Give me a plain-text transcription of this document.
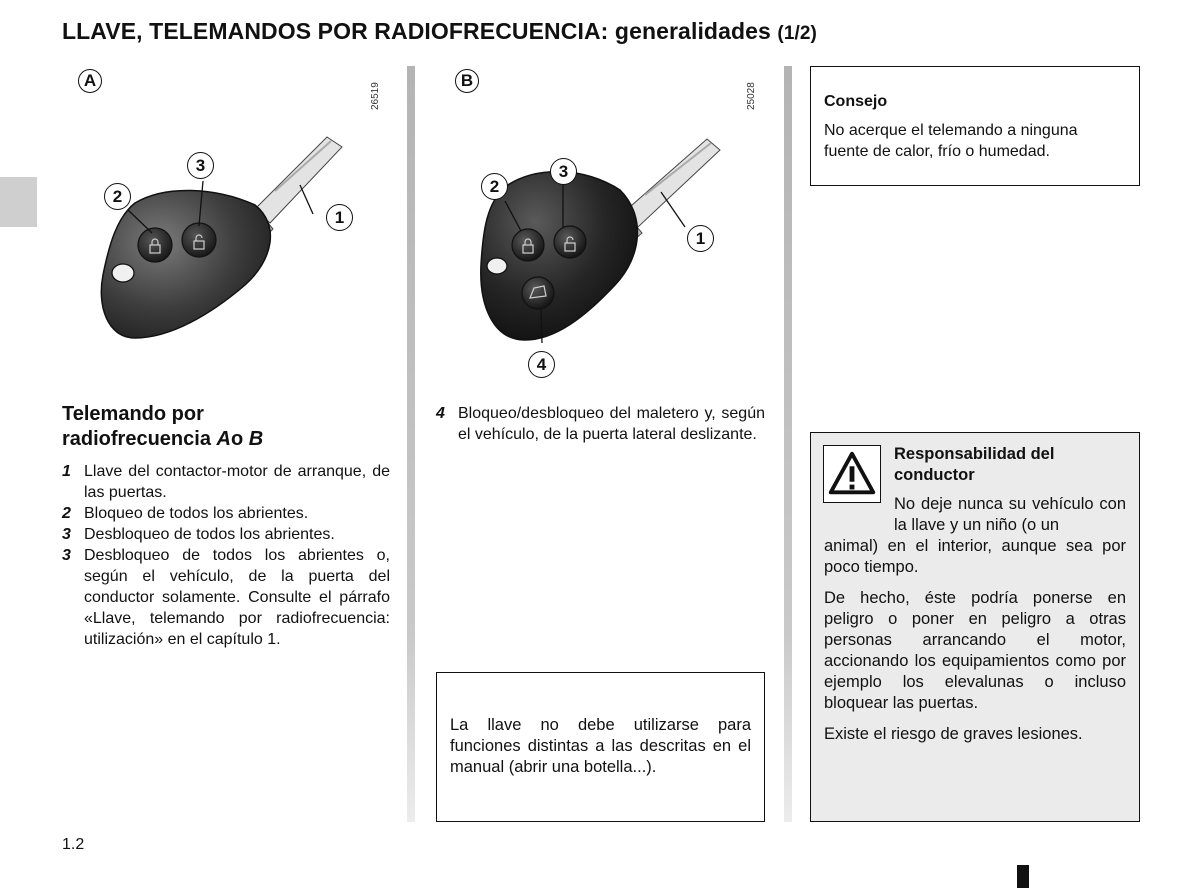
LLAVE, TELEMANDOS POR RADIOFRECUENCIA: generalidades (1/2)
A
26519
2
3
1
B
25028
2
3
1
4
Telemando por
radiofrecuencia Ao B
1 Llave del contactor-motor de arranque, de las puertas.
2 Bloqueo de todos los abrientes.
3 Desbloqueo de todos los abrientes.
3 Desbloqueo de todos los abrientes o, según el vehículo, de la puerta del conductor solamente. Consulte el párrafo «Llave, telemando por radiofrecuencia: utilización» en el capítulo 1.
4 Bloqueo/desbloqueo del maletero y, según el vehículo, de la puerta lateral deslizante.
La llave no debe utilizarse para funciones distintas a las descritas en el manual (abrir una botella...).
Consejo
No acerque el telemando a ninguna fuente de calor, frío o humedad.
Responsabilidad del conductor
No deje nunca su vehículo con la llave y un niño (o un
animal) en el interior, aunque sea por poco tiempo.
De hecho, éste podría ponerse en peligro o poner en peligro a otras personas arrancando el motor, accionando los equipamientos como por ejemplo los elevalunas o incluso bloquear las puertas.
Existe el riesgo de graves lesiones.
1.2
